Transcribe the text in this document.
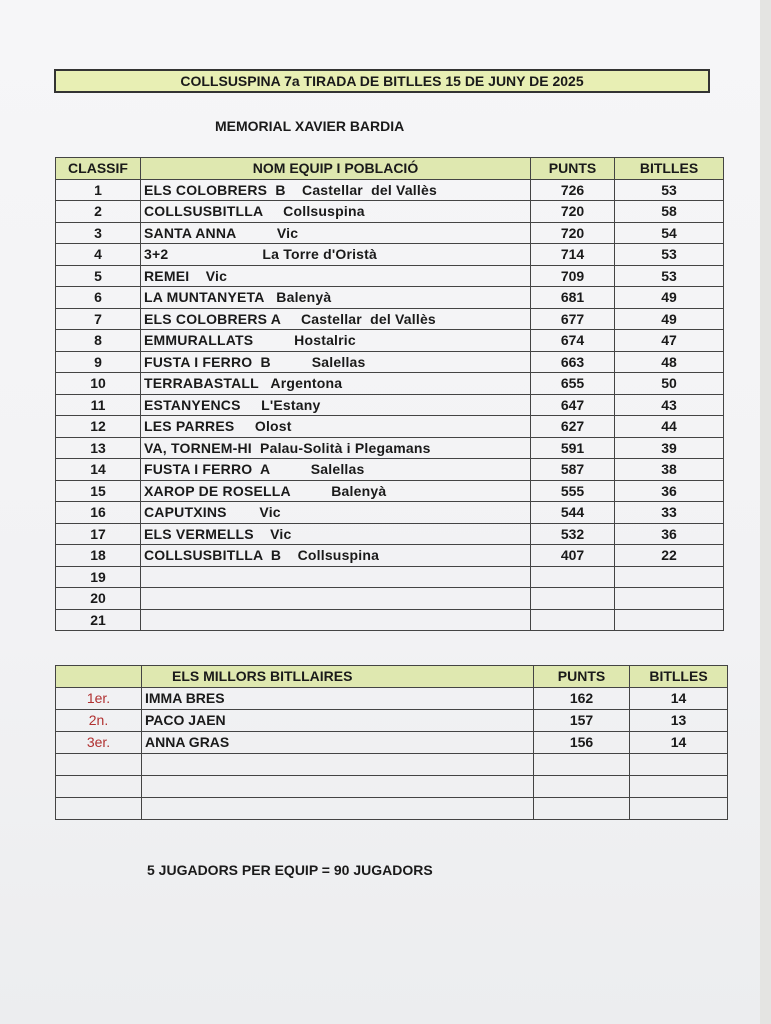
COLLSUSPINA 7a TIRADA DE BITLLES 15 DE JUNY DE 2025
MEMORIAL XAVIER BARDIA
CLASSIF	NOM EQUIP I POBLACIÓ	PUNTS	BITLLES
1	ELS COLOBRERS  B    Castellar  del Vallès	726	53
2	COLLSUSBITLLA     Collsuspina	720	58
3	SANTA ANNA          Vic	720	54
4	3+2                       La Torre d'Oristà	714	53
5	REMEI    Vic	709	53
6	LA MUNTANYETA   Balenyà	681	49
7	ELS COLOBRERS A     Castellar  del Vallès	677	49
8	EMMURALLATS          Hostalric	674	47
9	FUSTA I FERRO  B          Salellas	663	48
10	TERRABASTALL   Argentona	655	50
11	ESTANYENCS     L'Estany	647	43
12	LES PARRES     Olost	627	44
13	VA, TORNEM-HI  Palau-Solità i Plegamans	591	39
14	FUSTA I FERRO  A          Salellas	587	38
15	XAROP DE ROSELLA          Balenyà	555	36
16	CAPUTXINS        Vic	544	33
17	ELS VERMELLS    Vic	532	36
18	COLLSUSBITLLA  B    Collsuspina	407	22
19			
20			
21			
	ELS MILLORS BITLLAIRES	PUNTS	BITLLES
1er.	IMMA BRES	162	14
2n.	PACO JAEN	157	13
3er.	ANNA GRAS	156	14

5 JUGADORS PER EQUIP = 90 JUGADORS
